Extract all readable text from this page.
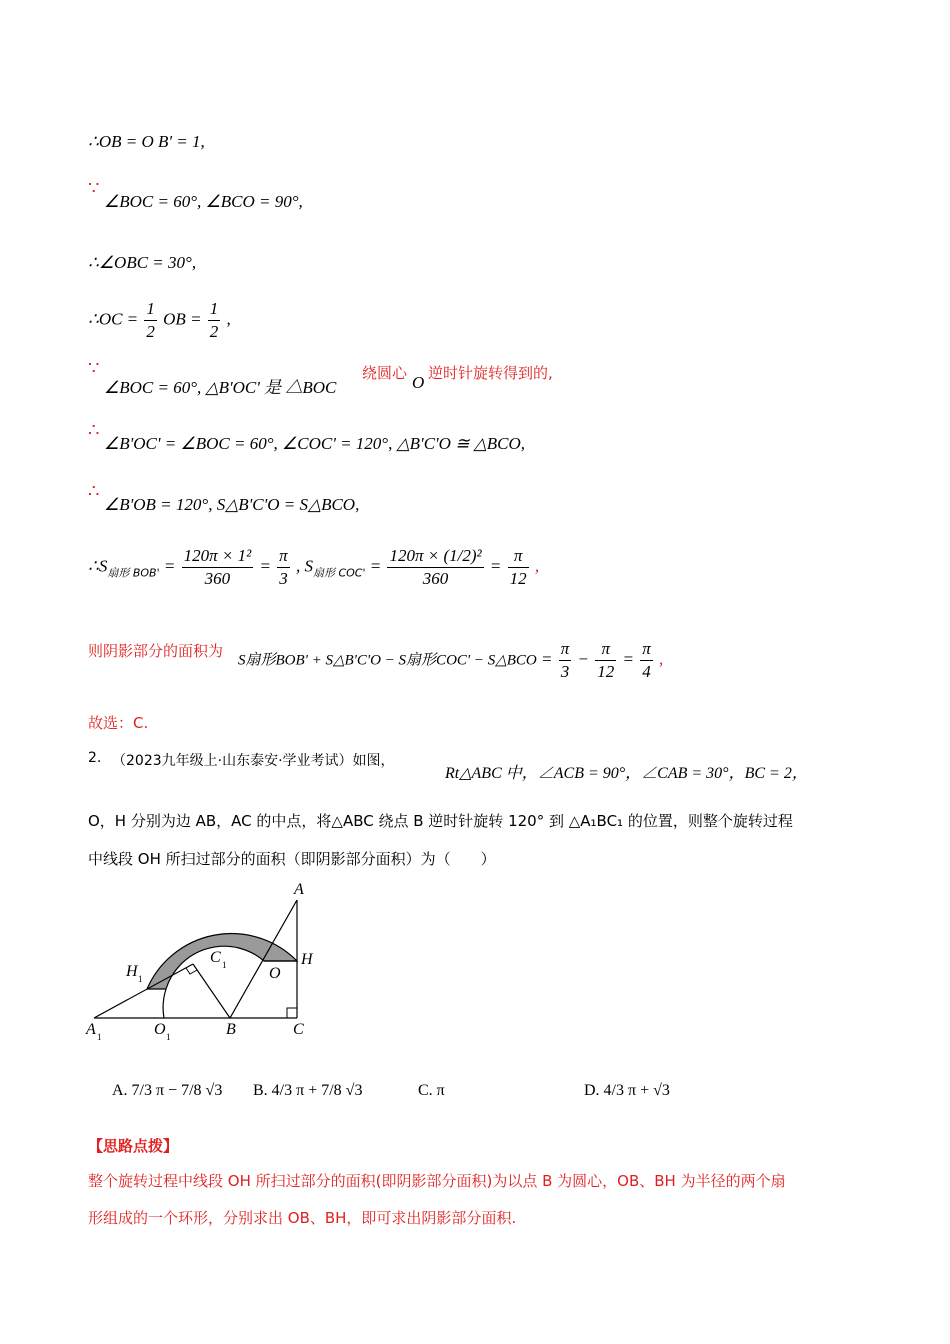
∴OB = O B' = 1,
∵
∠BOC = 60°, ∠BCO = 90°,
∴∠OBC = 30°,
∴OC = $\frac{1}{2}$ OB = $\frac{1}{2}$ ,
∵
∠BOC = 60°, △B'OC' 是 △BOC
绕圆心 O 逆时针旋转得到的,
∴
∠B'OC' = ∠BOC = 60°, ∠COC' = 120°, △B'C'O ≅ △BCO,
∴
∠B'OB = 120°, S△B'C'O = S△BCO,
$\therefore S_{扇形 BOB'} = \frac{\text{120π × 1²}}{360} = \frac{\pi}{3}$ , $S_{扇形 COC'} = \frac{\text{120π × (1/2)²}}{360} = \frac{\pi}{12}$ ,
则阴影部分的面积为
S扇形BOB' + S△B'C'O − S扇形COC' − S△BCO = $\frac{\pi}{3} - \frac{\pi}{12} = \frac{\pi}{4}$ ,
故选：C.
2. （2023九年级上·山东泰安·学业考试）如图，
Rt△ABC 中，∠ACB = 90°，∠CAB = 30°，BC = 2，
O，H 分别为边 AB，AC 的中点，将△ABC 绕点 B 逆时针旋转 120° 到 △A₁BC₁ 的位置，则整个旋转过程
中线段 OH 所扫过部分的面积（即阴影部分面积）为（　　）
A
H
O
C 1
H 1
A 1	O 1	B	C
A. 7/3 π − 7/8 √3 B. 4/3 π + 7/8 √3	C. π	D. 4/3 π + √3
【思路点拨】
整个旋转过程中线段 OH 所扫过部分的面积(即阴影部分面积)为以点 B 为圆心，OB、BH 为半径的两个扇
形组成的一个环形，分别求出 OB、BH，即可求出阴影部分面积.
